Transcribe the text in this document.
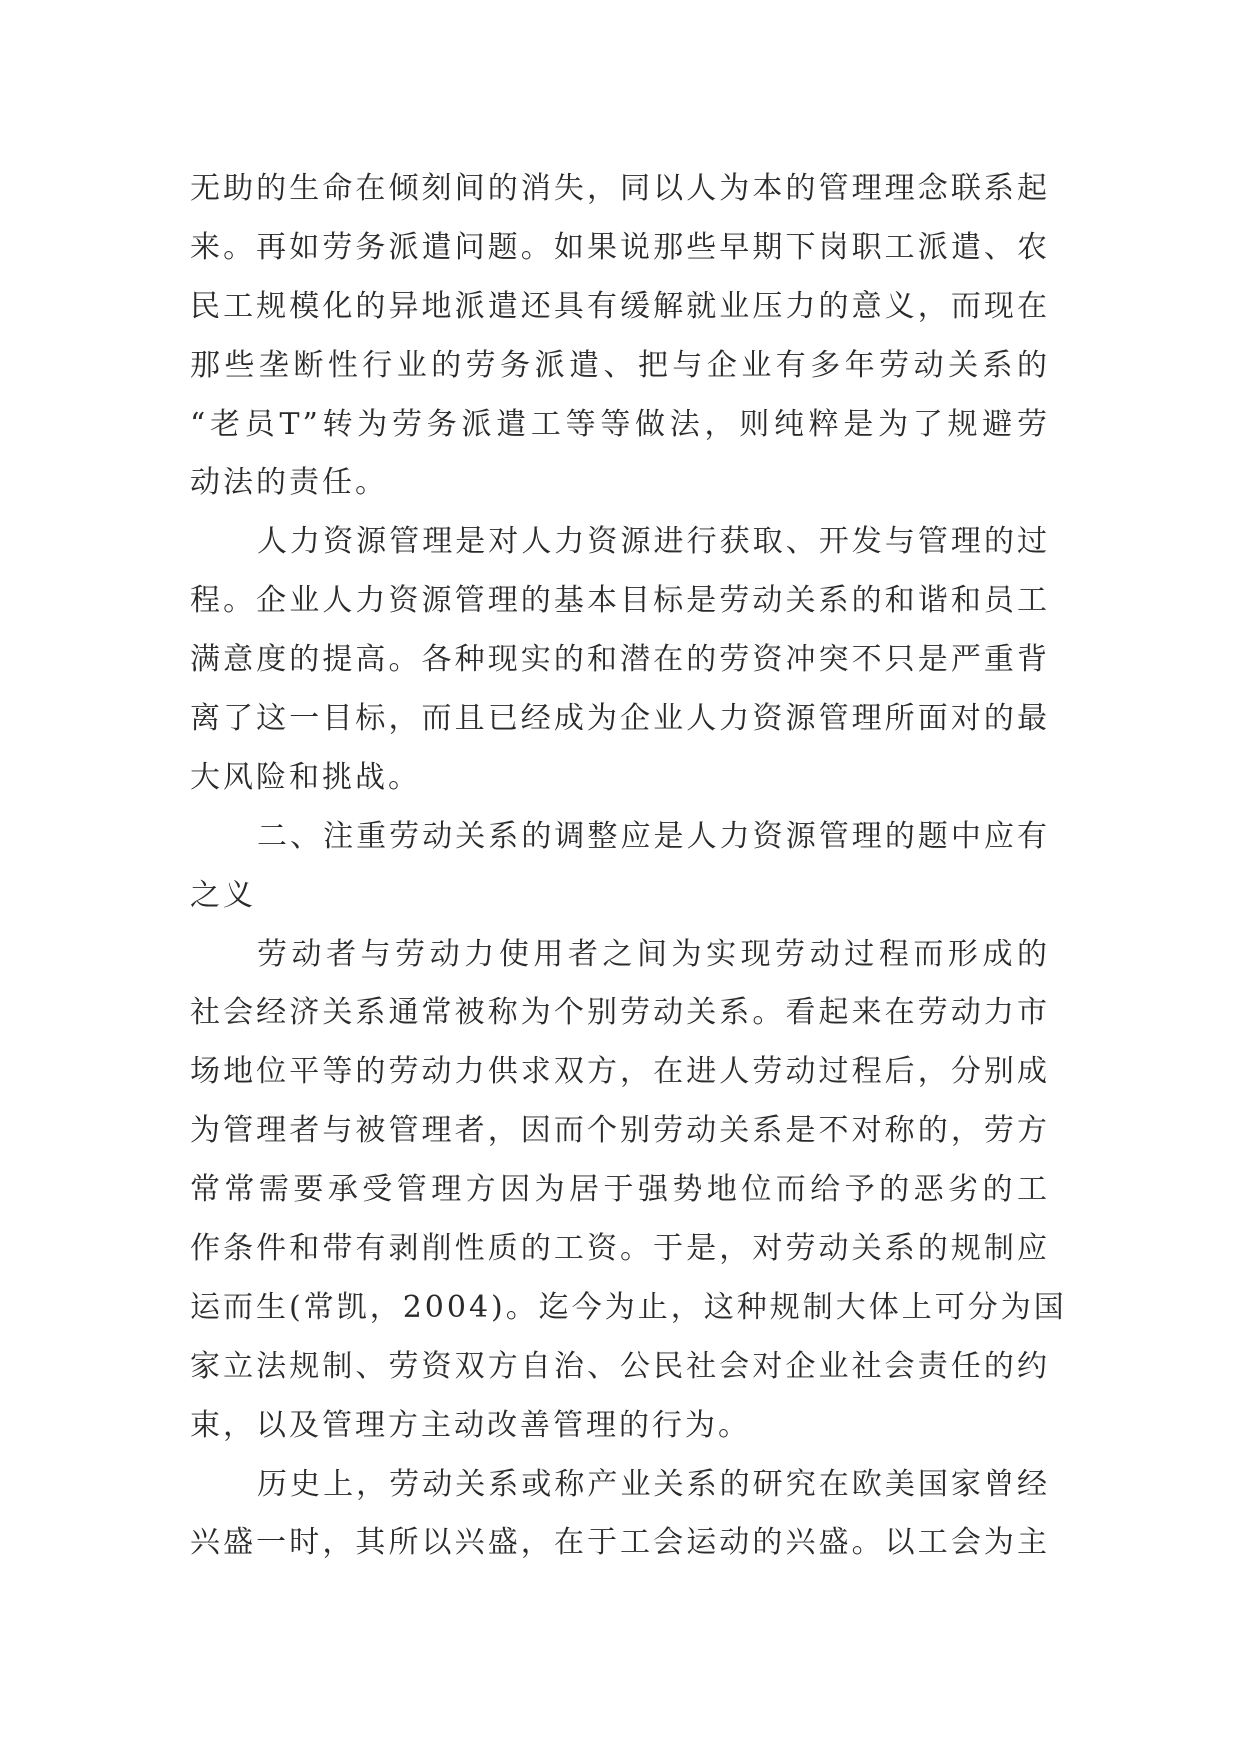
无助的生命在倾刻间的消失，同以人为本的管理理念联系起
来。再如劳务派遣问题。如果说那些早期下岗职工派遣、农
民工规模化的异地派遣还具有缓解就业压力的意义，而现在
那些垄断性行业的劳务派遣、把与企业有多年劳动关系的
“老员T”转为劳务派遣工等等做法，则纯粹是为了规避劳
动法的责任。
人力资源管理是对人力资源进行获取、开发与管理的过
程。企业人力资源管理的基本目标是劳动关系的和谐和员工
满意度的提高。各种现实的和潜在的劳资冲突不只是严重背
离了这一目标，而且已经成为企业人力资源管理所面对的最
大风险和挑战。
二、注重劳动关系的调整应是人力资源管理的题中应有
之义
劳动者与劳动力使用者之间为实现劳动过程而形成的
社会经济关系通常被称为个别劳动关系。看起来在劳动力市
场地位平等的劳动力供求双方，在进人劳动过程后，分别成
为管理者与被管理者，因而个别劳动关系是不对称的，劳方
常常需要承受管理方因为居于强势地位而给予的恶劣的工
作条件和带有剥削性质的工资。于是，对劳动关系的规制应
运而生(常凯，2004)。迄今为止，这种规制大体上可分为国
家立法规制、劳资双方自治、公民社会对企业社会责任的约
束，以及管理方主动改善管理的行为。
历史上，劳动关系或称产业关系的研究在欧美国家曾经
兴盛一时，其所以兴盛，在于工会运动的兴盛。以工会为主
